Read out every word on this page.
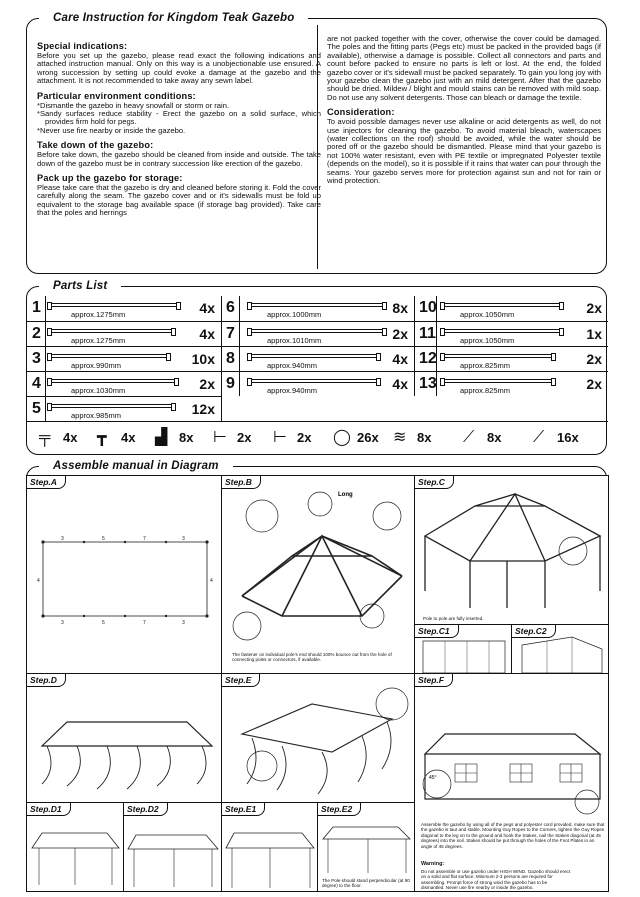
Care Instruction for Kingdom Teak Gazebo
Special indications:
Before you set up the gazebo, please read exact the following indications and attached instruction manual. Only on this way is a unobjectionable use ensured. A wrong succession by setting up could evoke a damage at the gazebo and the attachment. It is not recommended to take away any sewn label.
Particular environment conditions:
*Dismantle the gazebo in heavy snowfall or storm or rain.
*Sandy surfaces reduce stability - Erect the gazebo on a solid surface, which provides firm hold for pegs.
*Never use fire nearby or inside the gazebo.
Take down of the gazebo:
Before take down, the gazebo should be cleaned from inside and outside. The take down of the gazebo must be in contrary succession like erection of the gazebo.
Pack up the gazebo for storage:
Please take care that the gazebo is dry and cleaned before storing it. Fold the cover carefully along the seam. The gazebo cover and or it's sidewalls must be fold up equivalent to the storage bag available space (if storage bag provided). Take care that the poles and herrings
are not packed together with the cover, otherwise the cover could be damaged. The poles and the fitting parts (Pegs etc) must be packed in the provided bags (if available), otherwise a damage is possible. Collect all connectors and parts and count before packed to ensure no parts is left or lost. At the end, the folded gazebo cover or it's sidewall must be packed separately. To gain you long joy with your gazebo clean the gazebo just with an mild detergent. After that the gazebo should be dried. Mildew / blight and mould stains can be removed with mild soap. Do not use any solvent detergents. Those can bleach or damage the textile.
Consideration:
To avoid possible damages never use alkaline or acid detergents as well, do not use injectors for cleaning the gazebo. To avoid material bleach, waterscapes (water collections on the roof) should be avoided, while the water should be pored off or the gazebo should be dismantled. Please mind that your gazebo is not 100% water resistant, even with PE textile or impregnated Polyester textile (depends on the model), so it is possible if it rains that water can pour through the seams. Your gazebo serves more for protection against sun and not for rain or wind protection.
Parts List
1	approx.1275mm	4x
2	approx.1275mm	4x
3	approx.990mm	10x
4	approx.1030mm	2x
5	approx.985mm	12x
6	approx.1000mm	8x
7	approx.1010mm	2x
8	approx.940mm	4x
9	approx.940mm	4x
10	approx.1050mm	2x
11	approx.1050mm	1x
12	approx.825mm	2x
13	approx.825mm	2x
╤ 4x ┳ 4x ▟ 8x ⊢ 2x ⊢ 2x ◯ 26x ≋ 8x ⟋ 8x ⟋ 16x
Assemble manual in Diagram
Step.A
3	5	7	3
3	5	7	3
4	4
Step.B
Long
The fastener on individual pole's end should 100% bounce out from the hole of connecting poles or connectors, if available.
Step.C
Pole to pole are fully inserted.
Step.C1	Step.C2
Step.D
Step.D1	Step.D2
Step.E
Step.E1	Step.E2
The Pole should stand perpendicular (at 90 degree) to the floor.
Step.F
45°
Assemble the gazebo by using all of the pegs and polyester cord provided, make sure that the gazebo is taut and stable. Mounting Guy Ropes to the Corners, tighten the Guy Ropes diagonal to the leg on to the ground and hook the Stakes, nail the Stakes diagonal (at 45 degrees) into the soil. Stakes should be put through the holes of the Foot Plates in an angle of 45 degrees.
Warning:
Do not assemble or use gazebo under HIGH WIND. Gazebo should erect on a solid and flat surface. Minimum 2-3 persons are required for assembling. Prompt force of strong wind the gazebo has to be dismantled. Never use fire nearby or inside the gazebo.
